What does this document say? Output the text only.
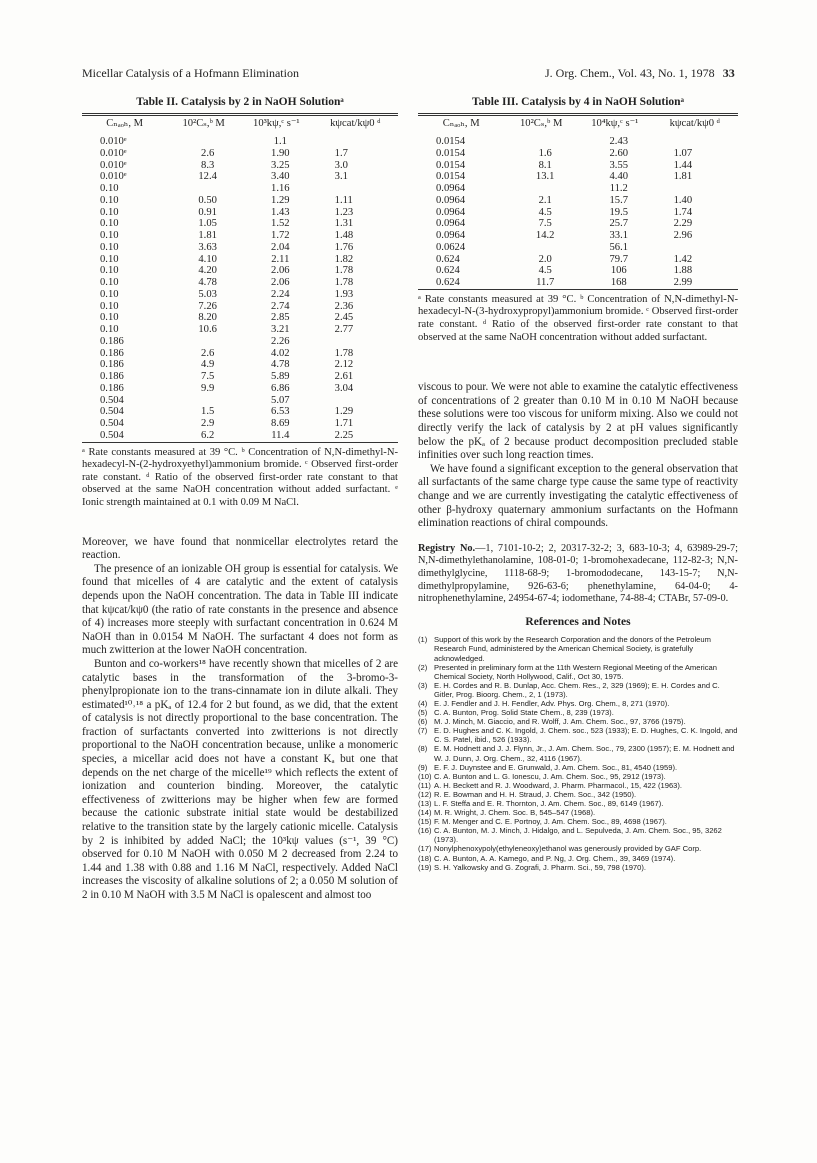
Micellar Catalysis of a Hofmann Elimination	J. Org. Chem., Vol. 43, No. 1, 1978 33
Table II. Catalysis by 2 in NaOH Solutionᵃ
Cₙₐₒₕ, M	10²Cₛ,ᵇ M	10³kψ,ᶜ s⁻¹	kψcat/kψ0 ᵈ
0.010ᵉ		1.1	
0.010ᵉ	2.6	1.90	1.7
0.010ᵉ	8.3	3.25	3.0
0.010ᵉ	12.4	3.40	3.1
0.10		1.16	
0.10	0.50	1.29	1.11
0.10	0.91	1.43	1.23
0.10	1.05	1.52	1.31
0.10	1.81	1.72	1.48
0.10	3.63	2.04	1.76
0.10	4.10	2.11	1.82
0.10	4.20	2.06	1.78
0.10	4.78	2.06	1.78
0.10	5.03	2.24	1.93
0.10	7.26	2.74	2.36
0.10	8.20	2.85	2.45
0.10	10.6	3.21	2.77
0.186		2.26	
0.186	2.6	4.02	1.78
0.186	4.9	4.78	2.12
0.186	7.5	5.89	2.61
0.186	9.9	6.86	3.04
0.504		5.07	
0.504	1.5	6.53	1.29
0.504	2.9	8.69	1.71
0.504	6.2	11.4	2.25
ᵃ Rate constants measured at 39 °C. ᵇ Concentration of N,N-dimethyl-N-hexadecyl-N-(2-hydroxyethyl)ammonium bromide. ᶜ Observed first-order rate constant. ᵈ Ratio of the observed first-order rate constant to that observed at the same NaOH concentration without added surfactant. ᵉ Ionic strength maintained at 0.1 with 0.09 M NaCl.

Moreover, we have found that nonmicellar electrolytes retard the reaction.

The presence of an ionizable OH group is essential for catalysis. We found that micelles of 4 are catalytic and the extent of catalysis depends upon the NaOH concentration. The data in Table III indicate that kψcat/kψ0 (the ratio of rate constants in the presence and absence of 4) increases more steeply with surfactant concentration in 0.624 M NaOH than in 0.0154 M NaOH. The surfactant 4 does not form as much zwitterion at the lower NaOH concentration.

Bunton and co-workers¹⁸ have recently shown that micelles of 2 are catalytic bases in the transformation of the 3-bromo-3-phenylpropionate ion to the trans-cinnamate ion in dilute alkali. They estimated¹⁰˒¹⁸ a pKₐ of 12.4 for 2 but found, as we did, that the extent of catalysis is not directly proportional to the base concentration. The fraction of surfactants converted into zwitterions is not directly proportional to the NaOH concentration because, unlike a monomeric species, a micellar acid does not have a constant Kₐ but one that depends on the net charge of the micelle¹⁹ which reflects the extent of ionization and counterion binding. Moreover, the catalytic effectiveness of zwitterions may be higher when few are formed because the cationic substrate initial state would be destabilized relative to the transition state by the largely cationic micelle. Catalysis by 2 is inhibited by added NaCl; the 10³kψ values (s⁻¹, 39 °C) observed for 0.10 M NaOH with 0.050 M 2 decreased from 2.24 to 1.44 and 1.38 with 0.88 and 1.16 M NaCl, respectively. Added NaCl increases the viscosity of alkaline solutions of 2; a 0.050 M solution of 2 in 0.10 M NaOH with 3.5 M NaCl is opalescent and almost too

Table III. Catalysis by 4 in NaOH Solutionᵃ
Cₙₐₒₕ, M	10²Cₛ,ᵇ M	10⁴kψ,ᶜ s⁻¹	kψcat/kψ0 ᵈ
0.0154		2.43	
0.0154	1.6	2.60	1.07
0.0154	8.1	3.55	1.44
0.0154	13.1	4.40	1.81
0.0964		11.2	
0.0964	2.1	15.7	1.40
0.0964	4.5	19.5	1.74
0.0964	7.5	25.7	2.29
0.0964	14.2	33.1	2.96
0.0624		56.1	
0.624	2.0	79.7	1.42
0.624	4.5	106	1.88
0.624	11.7	168	2.99
ᵃ Rate constants measured at 39 °C. ᵇ Concentration of N,N-dimethyl-N-hexadecyl-N-(3-hydroxypropyl)ammonium bromide. ᶜ Observed first-order rate constant. ᵈ Ratio of the observed first-order rate constant to that observed at the same NaOH concentration without added surfactant.

viscous to pour. We were not able to examine the catalytic effectiveness of concentrations of 2 greater than 0.10 M in 0.10 M NaOH because these solutions were too viscous for uniform mixing. Also we could not directly verify the lack of catalysis by 2 at pH values significantly below the pKₐ of 2 because product decomposition precluded stable infinities over such long reaction times.

We have found a significant exception to the general observation that all surfactants of the same charge type cause the same type of reactivity change and we are currently investigating the catalytic effectiveness of other β-hydroxy quaternary ammonium surfactants on the Hofmann elimination reactions of chiral compounds.

Registry No.—1, 7101-10-2; 2, 20317-32-2; 3, 683-10-3; 4, 63989-29-7; N,N-dimethylethanolamine, 108-01-0; 1-bromohexadecane, 112-82-3; N,N-dimethylglycine, 1118-68-9; 1-bromododecane, 143-15-7; N,N-dimethylpropylamine, 926-63-6; phenethylamine, 64-04-0; 4-nitrophenethylamine, 24954-67-4; iodomethane, 74-88-4; CTABr, 57-09-0.

References and Notes
(1) Support of this work by the Research Corporation and the donors of the Petroleum Research Fund, administered by the American Chemical Society, is gratefully acknowledged.
(2) Presented in preliminary form at the 11th Western Regional Meeting of the American Chemical Society, North Hollywood, Calif., Oct 30, 1975.
(3) E. H. Cordes and R. B. Dunlap, Acc. Chem. Res., 2, 329 (1969); E. H. Cordes and C. Gitler, Prog. Bioorg. Chem., 2, 1 (1973).
(4) E. J. Fendler and J. H. Fendler, Adv. Phys. Org. Chem., 8, 271 (1970).
(5) C. A. Bunton, Prog. Solid State Chem., 8, 239 (1973).
(6) M. J. Minch, M. Giaccio, and R. Wolff, J. Am. Chem. Soc., 97, 3766 (1975).
(7) E. D. Hughes and C. K. Ingold, J. Chem. soc., 523 (1933); E. D. Hughes, C. K. Ingold, and C. S. Patel, ibid., 526 (1933).
(8) E. M. Hodnett and J. J. Flynn, Jr., J. Am. Chem. Soc., 79, 2300 (1957); E. M. Hodnett and W. J. Dunn, J. Org. Chem., 32, 4116 (1967).
(9) E. F. J. Duynstee and E. Grunwald, J. Am. Chem. Soc., 81, 4540 (1959).
(10) C. A. Bunton and L. G. Ionescu, J. Am. Chem. Soc., 95, 2912 (1973).
(11) A. H. Beckett and R. J. Woodward, J. Pharm. Pharmacol., 15, 422 (1963).
(12) R. E. Bowman and H. H. Straud, J. Chem. Soc., 342 (1950).
(13) L. F. Steffa and E. R. Thornton, J. Am. Chem. Soc., 89, 6149 (1967).
(14) M. R. Wright, J. Chem. Soc. B, 545–547 (1968).
(15) F. M. Menger and C. E. Portnoy, J. Am. Chem. Soc., 89, 4698 (1967).
(16) C. A. Bunton, M. J. Minch, J. Hidalgo, and L. Sepulveda, J. Am. Chem. Soc., 95, 3262 (1973).
(17) Nonylphenoxypoly(ethyleneoxy)ethanol was generously provided by GAF Corp.
(18) C. A. Bunton, A. A. Kamego, and P. Ng, J. Org. Chem., 39, 3469 (1974).
(19) S. H. Yalkowsky and G. Zografi, J. Pharm. Sci., 59, 798 (1970).
